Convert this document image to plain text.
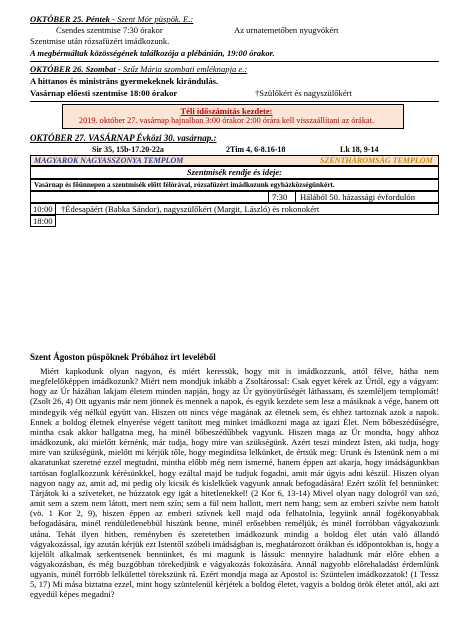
OKTÓBER 25. Péntek - Szent Mór püspök. E.:
Csendes szentmise 7:30 órakor	Az urnatemetőben nyugvókért
Szentmise után rózsafüzért imádkozunk.
A megbérmáltak közösségének találkozója a plébánián, 19:00 órakor.
OKTÓBER 26. Szombat - Szűz Mária szombati emléknapja e.:
A hittanos és ministráns gyermekeknek kirándulás.
Vasárnap előesti szentmise 18:00 órakor	†Szülőkért és nagyszülőkért
Téli időszámítás kezdete:
2019. október 27. vasárnap hajnalban 3:00 órakor 2:00 órára kell visszaállítani az órákat.
OKTÓBER 27. VASÁRNAP Évközi 30. vasárnap.:
Sir 35, 15b-17.20-22a	2Tim 4, 6-8.16-18	Lk 18, 9-14
MAGYAROK NAGYASSZONYA TEMPLOM	SZENTHÁROMSÁG TEMPLOM
Szentmisék rendje és ideje:
Vasárnap és főünnepen a szentmisék előtt félórával, rózsafüzért imádkozunk egyházközségünkért.
7:30 Hálából 50. házassági évfordulón
10:00 †Édesapáért (Babka Sándor), nagyszülőkért (Margit, László) és rokonokért
18:00
Szent Ágoston püspöknek Próbához írt leveléből

Miért kapkodunk olyan nagyon, és miért keressük, hogy mit is imádkozzunk, attól félve, hátha nem megfelelőképpen imádkozunk? Miért nem mondjuk inkább a Zsoltárossal: Csak egyet kérek az Úrtól, egy a vágyam: hogy az Úr házában lakjam életem minden napján, hogy az Úr gyönyörűségét láthassam, és szemléljem templomát! (Zsolt 26, 4) Ott ugyanis már nem jönnek és mennek a napok, és egyik kezdete sem lesz a másiknak a vége, hanem ott mindegyik vég nélkül együtt van. Hiszen ott nincs vége magának az életnek sem, és ehhez tartoznak azok a napok. Ennek a boldog életnek elnyerése végett tanított meg minket imádkozni maga az igazi Élet. Nem bőbeszédűségre, mintha csak akkor hallgatna meg, ha minél bőbeszédűbbek vagyunk. Hiszen maga az Úr mondta, hogy ahhoz imádkozunk, aki mielőtt kérnénk, már tudja, hogy mire van szükségünk. Azért teszi mindezt Isten, aki tudja, hogy mire van szükségünk, mielőtt mi kérjük tőle, hogy megindítsa lelkünket, de értsük meg: Urunk és Istenünk nem a mi akaratunkat szeretné ezzel megtudni, mintha előbb még nem ismerné, hanem éppen azt akarja, hogy imádságunkban tartósan foglalkozzunk kérésünkkel, hogy ezáltal majd be tudjuk fogadni, amit már úgyis adni készül. Hiszen olyan nagyon nagy az, amit ad, mi pedig oly kicsik és kislelkűek vagyunk annak befogadására! Ezért szólít fel bennünket: Tárjátok ki a szíveteket, ne húzzatok egy igát a hitetlenekkel! (2 Kor 6, 13-14) Mivel olyan nagy dologról van szó, amit sem a szem nem látott, mert nem szín; sem a fül nem hallott, mert nem hang; sem az emberi szívbe nem hatolt (vö. 1 Kor 2, 9), hiszen éppen az emberi szívnek kell majd oda felhatolnia, legyünk annál fogékonyabbak befogadására, minél rendületlenebbül hiszünk benne, minél erősebben reméljük, és minél forróbban vágyakozunk utána. Tehát ilyen hitben, reményben és szeretetben imádkozunk mindig a boldog élet után való állandó vágyakozással, így azután kérjük ezt Istentől szóbeli imádságban is, meghatározott órákban és időpontokban is, hogy a kijelölt alkalmak serkentsenek bennünket, és mi magunk is lássuk: mennyire haladtunk már előre ebben a vágyakozásban, és még buzgóbban törekedjünk e vágyakozás fokozására. Annál nagyobb előrehaladást érdemlünk ugyanis, minél forróbb lelkülettel törekszünk rá. Ezért mondja maga az Apostol is: Szüntelen imádkozzatok! (1 Tessz 5, 17) Mi mása biztatna ezzel, mint hogy szüntelenül kérjétek a boldog életet, vagyis a boldog örök életet attól, aki azt egyedül képes megadni?
